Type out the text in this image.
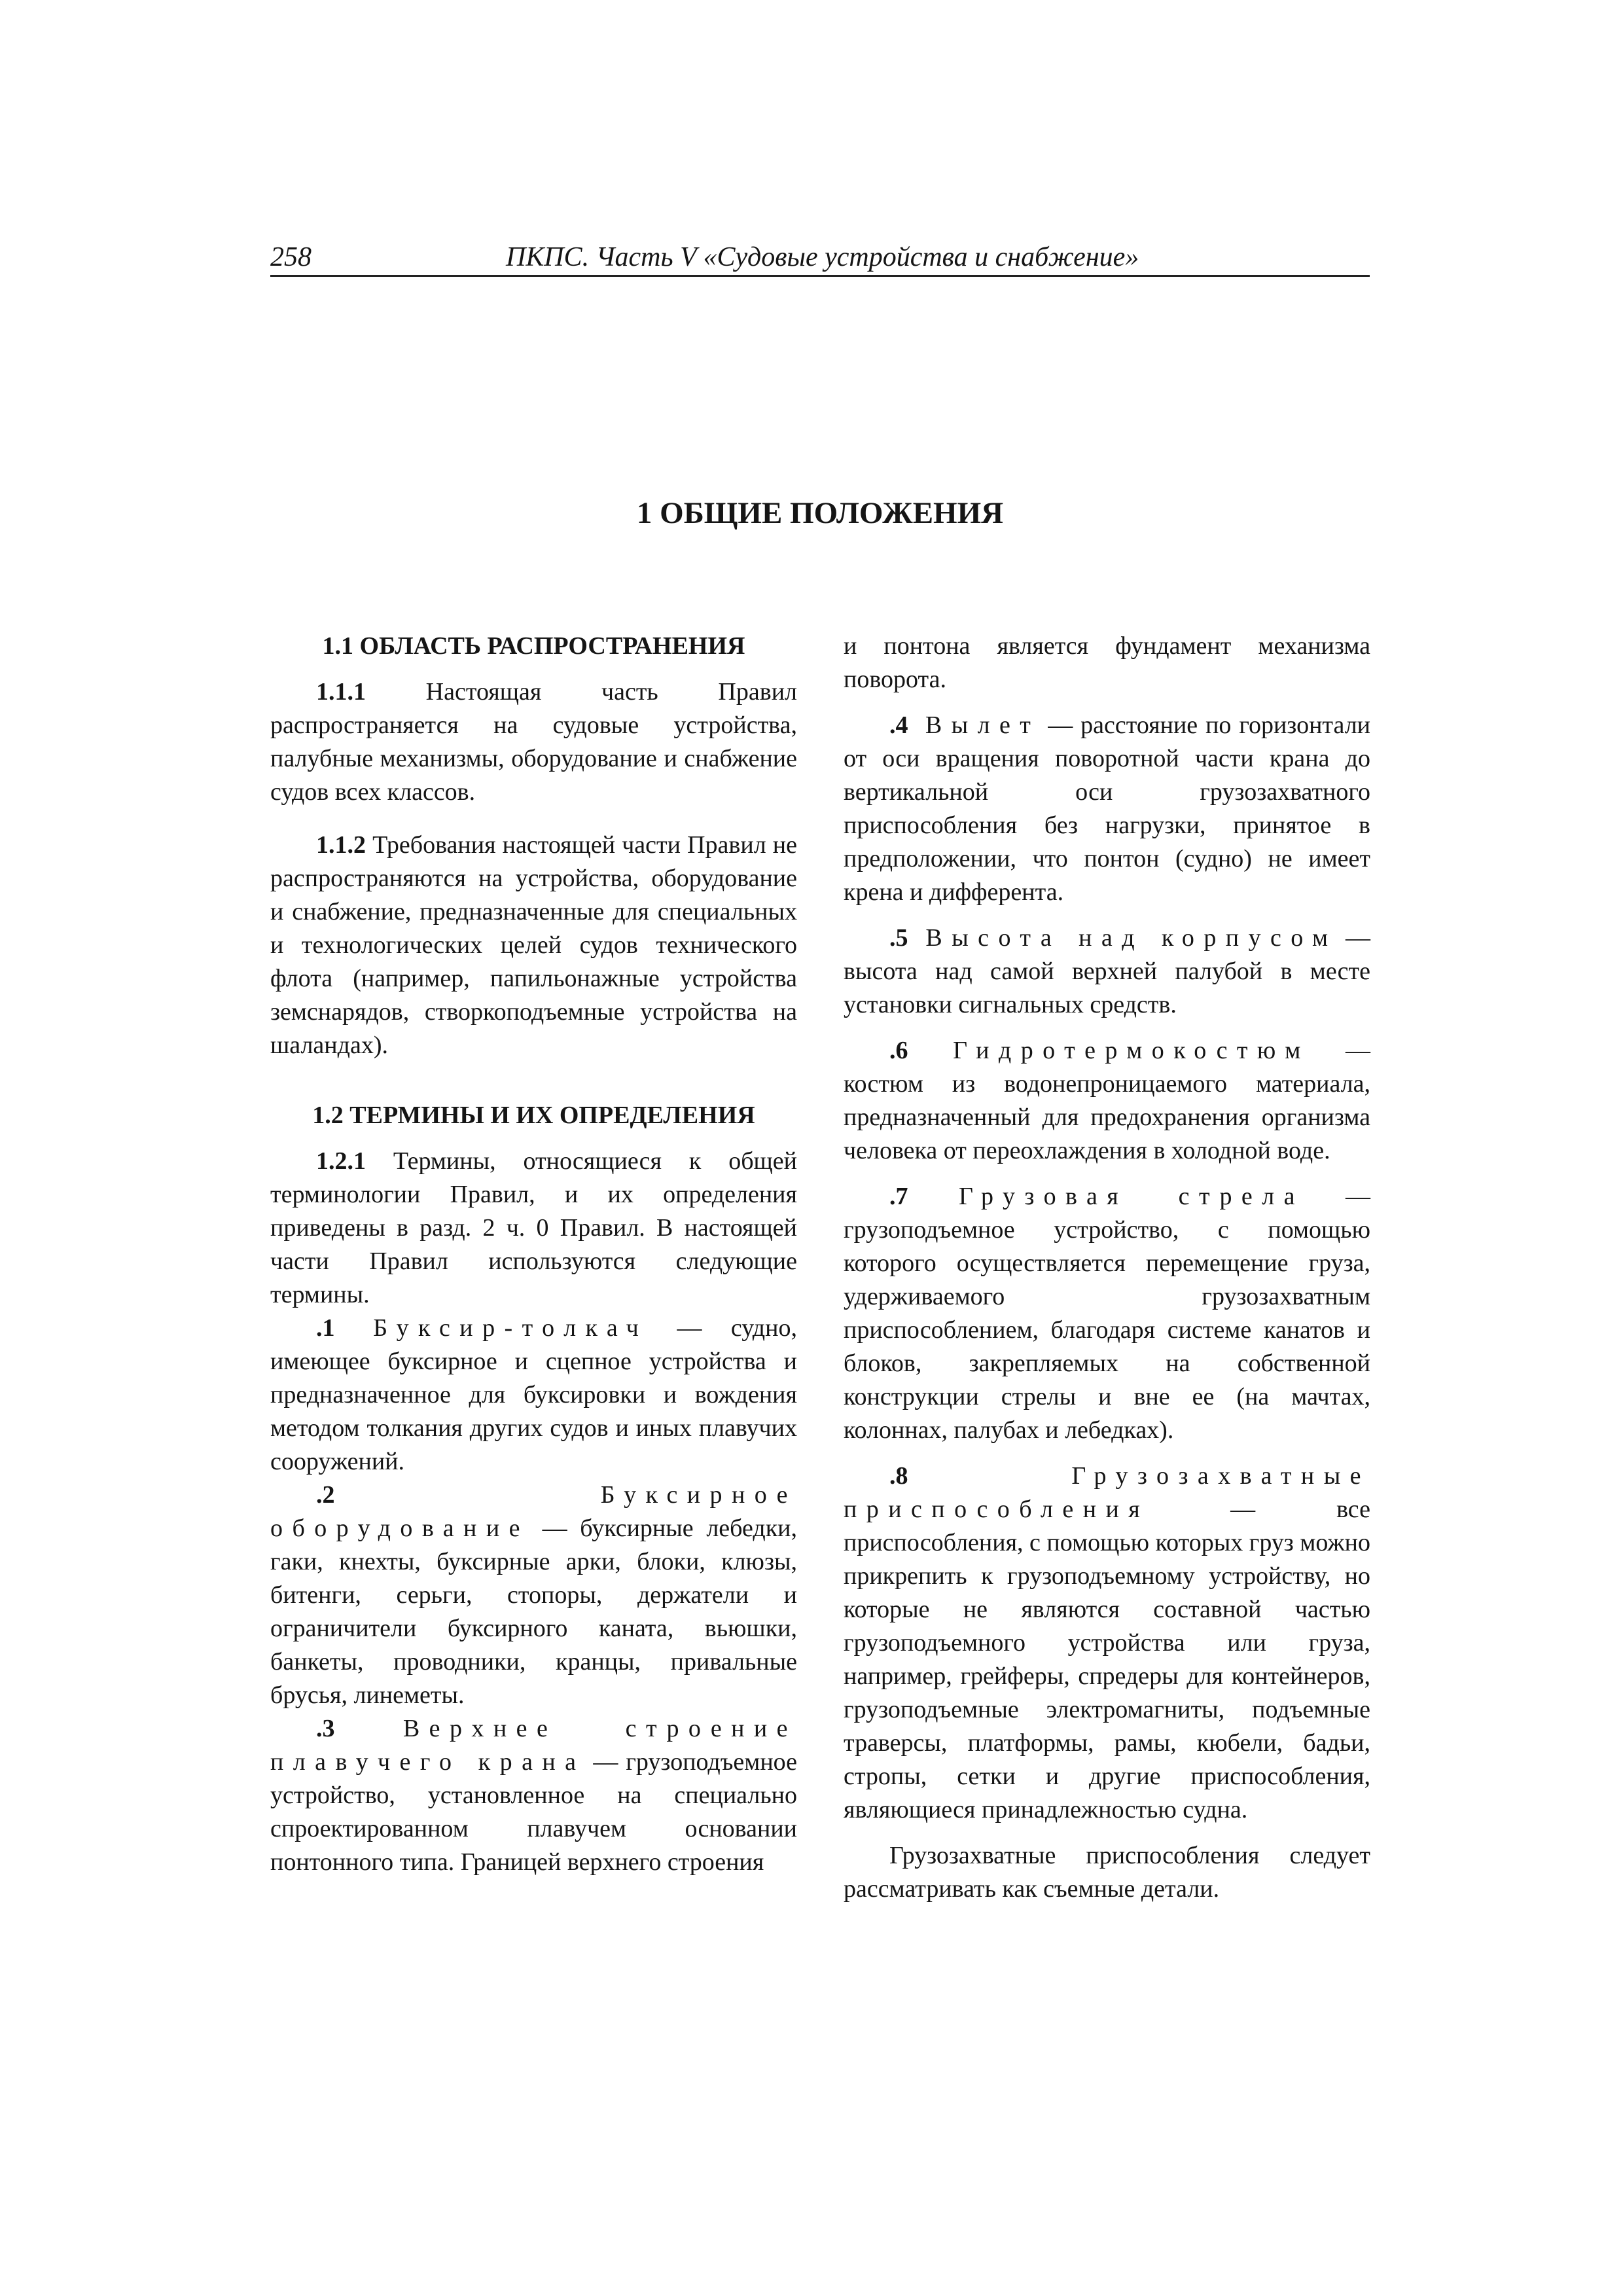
258	ПКПС. Часть V «Судовые устройства и снабжение»
1 ОБЩИЕ ПОЛОЖЕНИЯ
1.1 ОБЛАСТЬ РАСПРОСТРАНЕНИЯ

1.1.1 Настоящая часть Правил распространяется на судовые устройства, палубные механизмы, оборудование и снабжение судов всех классов.

1.1.2 Требования настоящей части Правил не распространяются на устройства, оборудование и снабжение, предназначенные для специальных и технологических целей судов технического флота (например, папильонажные устройства земснарядов, створкоподъемные устройства на шаландах).

1.2 ТЕРМИНЫ И ИХ ОПРЕДЕЛЕНИЯ

1.2.1 Термины, относящиеся к общей терминологии Правил, и их определения приведены в разд. 2 ч. 0 Правил. В настоящей части Правил используются следующие термины.

.1 Буксир-толкач — судно, имеющее буксирное и сцепное устройства и предназначенное для буксировки и вождения методом толкания других судов и иных плавучих сооружений.

.2 Буксирное оборудование — буксирные лебедки, гаки, кнехты, буксирные арки, блоки, клюзы, битенги, серьги, стопоры, держатели и ограничители буксирного каната, вьюшки, банкеты, проводники, кранцы, привальные брусья, линеметы.

.3 Верхнее строение плавучего крана — грузоподъемное устройство, установленное на специально спроектированном плавучем основании понтонного типа. Границей верхнего строения

и понтона является фундамент механизма поворота.

.4 Вылет — расстояние по горизонтали от оси вращения поворотной части крана до вертикальной оси грузозахватного приспособления без нагрузки, принятое в предположении, что понтон (судно) не имеет крена и дифферента.

.5 Высота над корпусом — высота над самой верхней палубой в месте установки сигнальных средств.

.6 Гидротермокостюм — костюм из водонепроницаемого материала, предназначенный для предохранения организма человека от переохлаждения в холодной воде.

.7 Грузовая стрела — грузоподъемное устройство, с помощью которого осуществляется перемещение груза, удерживаемого грузозахватным приспособлением, благодаря системе канатов и блоков, закрепляемых на собственной конструкции стрелы и вне ее (на мачтах, колоннах, палубах и лебедках).

.8 Грузозахватные приспособления — все приспособления, с помощью которых груз можно прикрепить к грузоподъемному устройству, но которые не являются составной частью грузоподъемного устройства или груза, например, грейферы, спредеры для контейнеров, грузоподъемные электромагниты, подъемные траверсы, платформы, рамы, кюбели, бадьи, стропы, сетки и другие приспособления, являющиеся принадлежностью судна.

Грузозахватные приспособления следует рассматривать как съемные детали.
